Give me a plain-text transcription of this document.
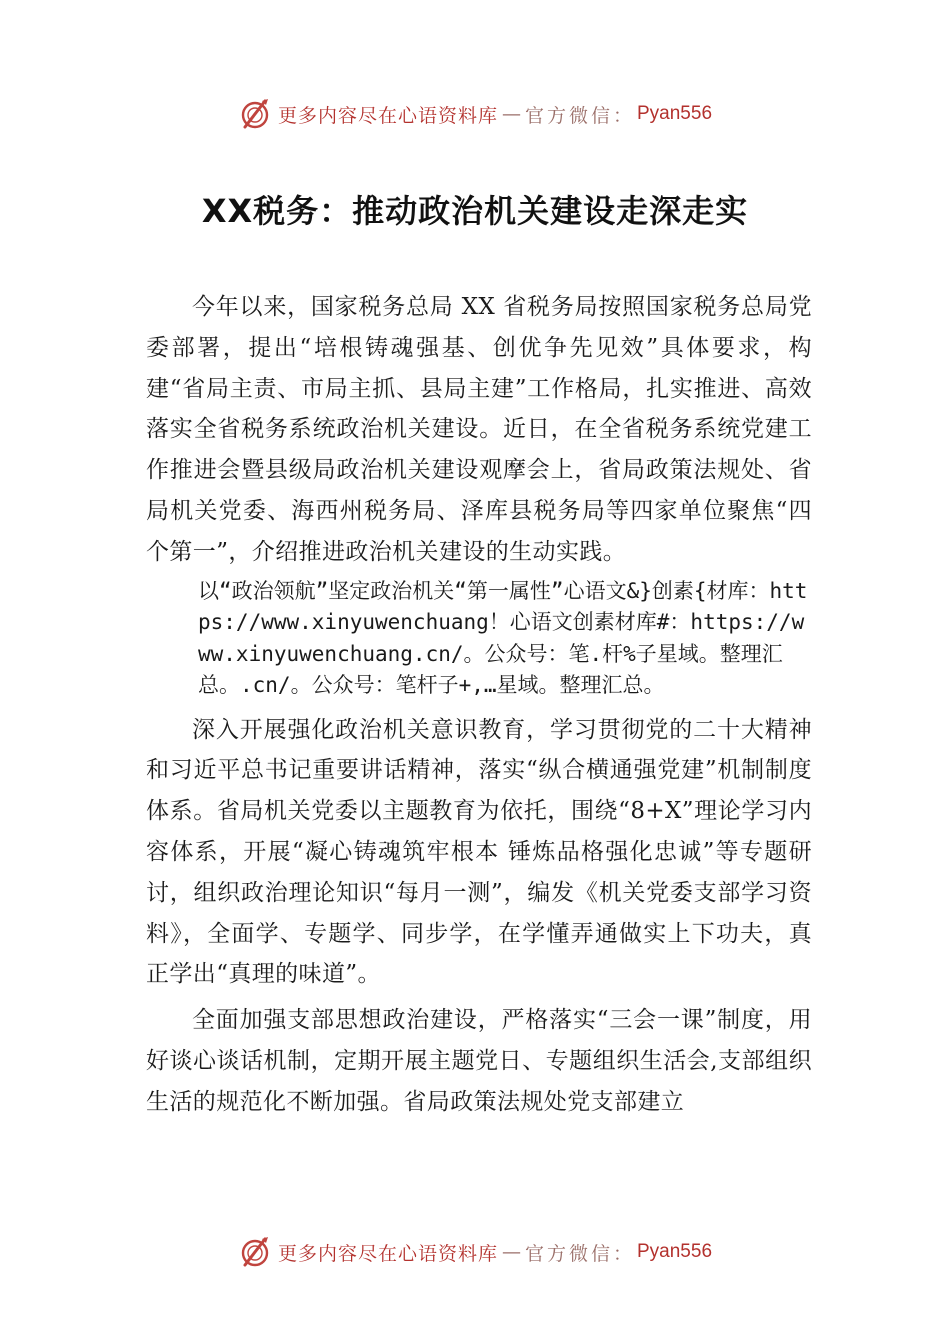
更多内容尽在心语资料库 — 官方微信： Pyan556
XX税务：推动政治机关建设走深走实

今年以来，国家税务总局 XX 省税务局按照国家税务总局党委部署，提出“培根铸魂强基、创优争先见效”具体要求，构建“省局主责、市局主抓、县局主建”工作格局，扎实推进、高效落实全省税务系统政治机关建设。近日，在全省税务系统党建工作推进会暨县级局政治机关建设观摩会上，省局政策法规处、省局机关党委、海西州税务局、泽库县税务局等四家单位聚焦“四个第一”，介绍推进政治机关建设的生动实践。

以“政治领航”坚定政治机关“第一属性”心语文&}创素{材库：https://www.xinyuwenchuang！心语文创素材库#：https://www.xinyuwenchuang.cn/。公众号：笔.杆%子星域。整理汇总。.cn/。公众号：笔杆子+,…星域。整理汇总。

深入开展强化政治机关意识教育，学习贯彻党的二十大精神和习近平总书记重要讲话精神，落实“纵合横通强党建”机制制度体系。省局机关党委以主题教育为依托，围绕“8+X”理论学习内容体系，开展“凝心铸魂筑牢根本 锤炼品格强化忠诚”等专题研讨，组织政治理论知识“每月一测”，编发《机关党委支部学习资料》，全面学、专题学、同步学，在学懂弄通做实上下功夫，真正学出“真理的味道”。

全面加强支部思想政治建设，严格落实“三会一课”制度，用好谈心谈话机制，定期开展主题党日、专题组织生活会,支部组织生活的规范化不断加强。省局政策法规处党支部建立

更多内容尽在心语资料库 — 官方微信： Pyan556
